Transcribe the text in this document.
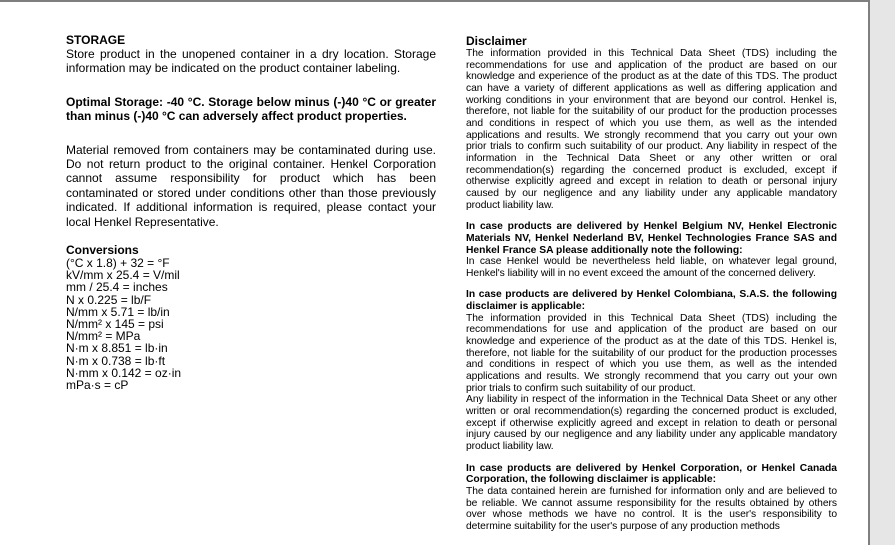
STORAGE

Store product in the unopened container in a dry location. Storage information may be indicated on the product container labeling.

Optimal Storage: -40 °C. Storage below minus (-)40 °C or greater than minus (-)40 °C can adversely affect product properties.

Material removed from containers may be contaminated during use. Do not return product to the original container. Henkel Corporation cannot assume responsibility for product which has been contaminated or stored under conditions other than those previously indicated. If additional information is required, please contact your local Henkel Representative.

Conversions

(°C x 1.8) + 32 = °F

kV/mm x 25.4 = V/mil

mm / 25.4 = inches

N x 0.225 = lb/F

N/mm x 5.71 = lb/in

N/mm² x 145 = psi

N/mm² = MPa

N·m x 8.851 = lb·in

N·m x 0.738 = lb·ft

N·mm x 0.142 = oz·in

mPa·s = cP

Disclaimer

The information provided in this Technical Data Sheet (TDS) including the recommendations for use and application of the product are based on our knowledge and experience of the product as at the date of this TDS. The product can have a variety of different applications as well as differing application and working conditions in your environment that are beyond our control. Henkel is, therefore, not liable for the suitability of our product for the production processes and conditions in respect of which you use them, as well as the intended applications and results. We strongly recommend that you carry out your own prior trials to confirm such suitability of our product. Any liability in respect of the information in the Technical Data Sheet or any other written or oral recommendation(s) regarding the concerned product is excluded, except if otherwise explicitly agreed and except in relation to death or personal injury caused by our negligence and any liability under any applicable mandatory product liability law.

In case products are delivered by Henkel Belgium NV, Henkel Electronic Materials NV, Henkel Nederland BV, Henkel Technologies France SAS and Henkel France SA please additionally note the following:

In case Henkel would be nevertheless held liable, on whatever legal ground, Henkel's liability will in no event exceed the amount of the concerned delivery.

In case products are delivered by Henkel Colombiana, S.A.S. the following disclaimer is applicable:

The information provided in this Technical Data Sheet (TDS) including the recommendations for use and application of the product are based on our knowledge and experience of the product as at the date of this TDS. Henkel is, therefore, not liable for the suitability of our product for the production processes and conditions in respect of which you use them, as well as the intended applications and results. We strongly recommend that you carry out your own prior trials to confirm such suitability of our product.

Any liability in respect of the information in the Technical Data Sheet or any other written or oral recommendation(s) regarding the concerned product is excluded, except if otherwise explicitly agreed and except in relation to death or personal injury caused by our negligence and any liability under any applicable mandatory product liability law.

In case products are delivered by Henkel Corporation, or Henkel Canada Corporation, the following disclaimer is applicable:

The data contained herein are furnished for information only and are believed to be reliable. We cannot assume responsibility for the results obtained by others over whose methods we have no control. It is the user's responsibility to determine suitability for the user's purpose of any production methods
